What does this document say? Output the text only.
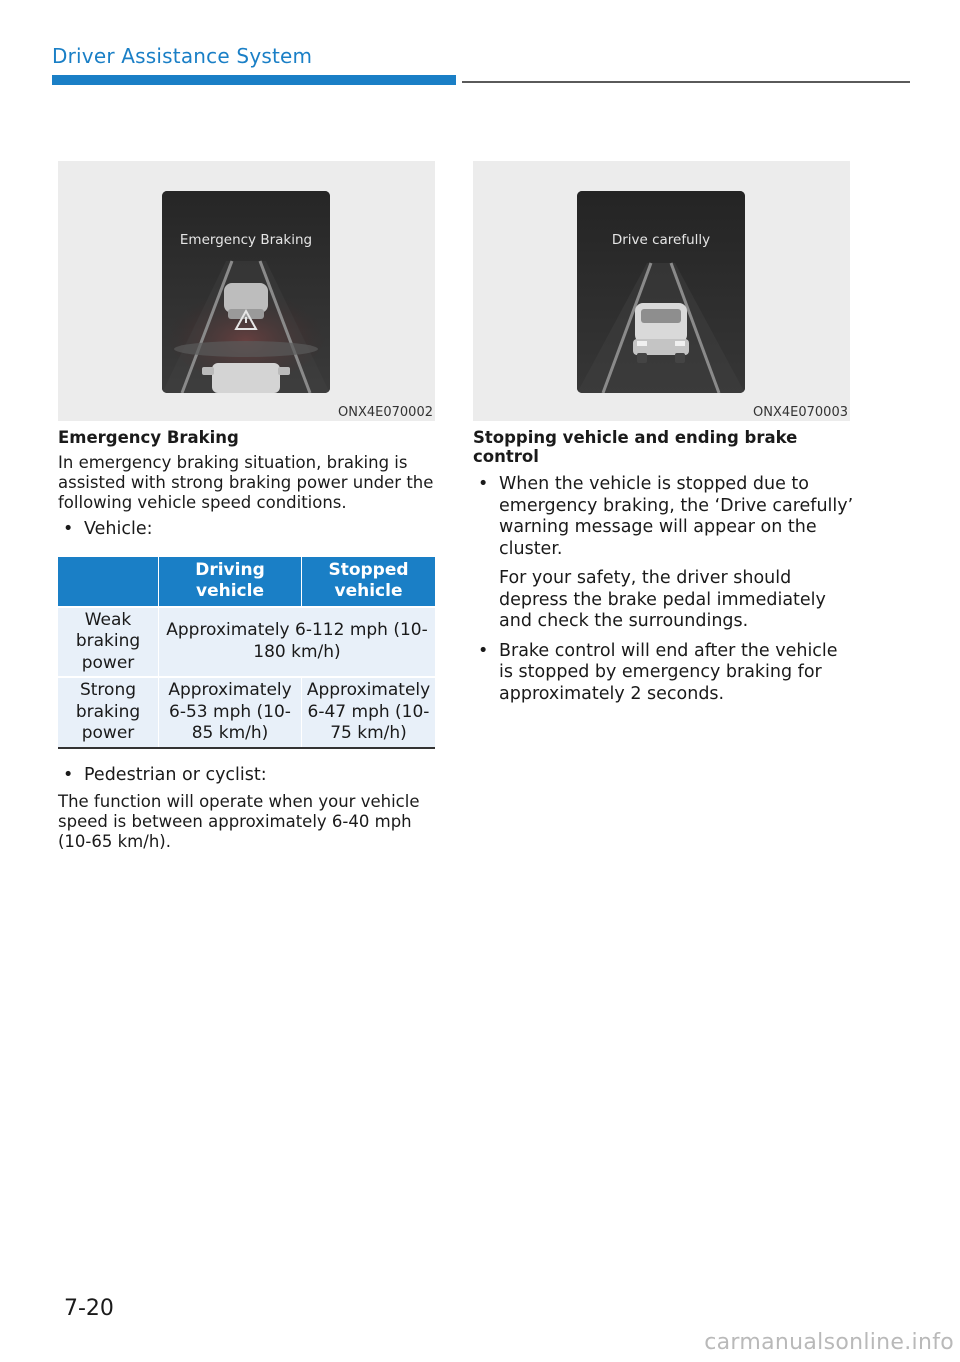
Driver Assistance System
Emergency Braking
ONX4E070002
Drive carefully
ONX4E070003
Emergency Braking

In emergency braking situation, braking is assisted with strong braking power under the following vehicle speed conditions.

• Vehicle:
	Driving vehicle	Stopped vehicle
Weak braking power	Approximately 6-112 mph (10-180 km/h)	
Strong braking power	Approximately 6-53 mph (10-85 km/h)	Approximately 6-47 mph (10-75 km/h)
• Pedestrian or cyclist:

The function will operate when your vehicle speed is between approximately 6-40 mph (10-65 km/h).

Stopping vehicle and ending brake control
• When the vehicle is stopped due to emergency braking, the ‘Drive carefully’ warning message will appear on the cluster.
For your safety, the driver should depress the brake pedal immediately and check the surroundings.
• Brake control will end after the vehicle is stopped by emergency braking for approximately 2 seconds.
7-20
carmanualsonline.info
